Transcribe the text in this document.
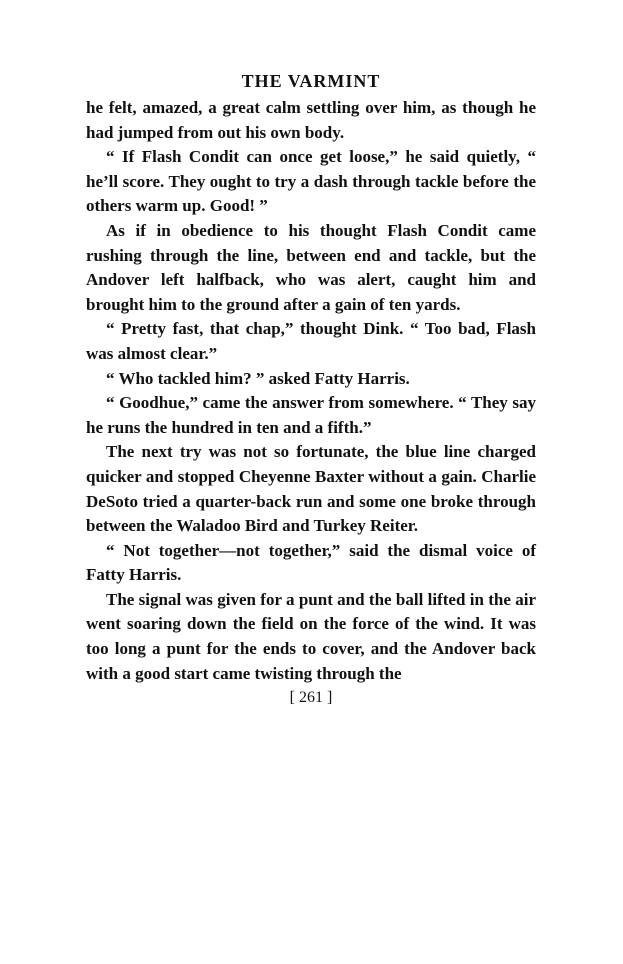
THE VARMINT

he felt, amazed, a great calm settling over him, as though he had jumped from out his own body.

“ If Flash Condit can once get loose,” he said quietly, “ he’ll score. They ought to try a dash through tackle before the others warm up. Good! ”

As if in obedience to his thought Flash Condit came rushing through the line, between end and tackle, but the Andover left halfback, who was alert, caught him and brought him to the ground after a gain of ten yards.

“ Pretty fast, that chap,” thought Dink. “ Too bad, Flash was almost clear.”

“ Who tackled him? ” asked Fatty Harris.

“ Goodhue,” came the answer from somewhere. “ They say he runs the hundred in ten and a fifth.”

The next try was not so fortunate, the blue line charged quicker and stopped Cheyenne Baxter without a gain. Charlie DeSoto tried a quarter-back run and some one broke through between the Waladoo Bird and Turkey Reiter.

“ Not together—not together,” said the dismal voice of Fatty Harris.

The signal was given for a punt and the ball lifted in the air went soaring down the field on the force of the wind. It was too long a punt for the ends to cover, and the Andover back with a good start came twisting through the

[ 261 ]
